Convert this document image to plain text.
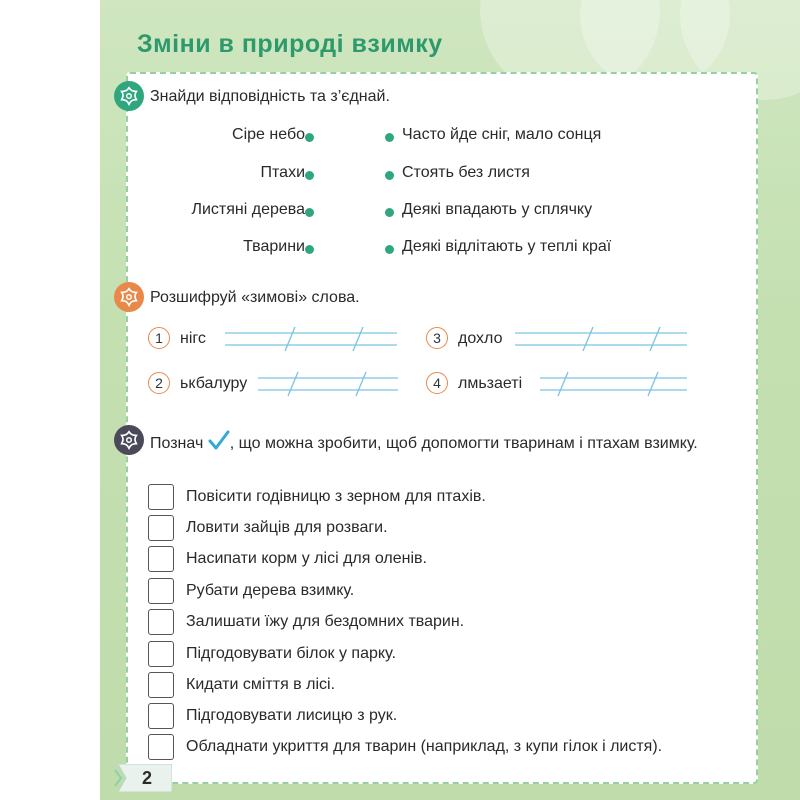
Зміни в природі взимку
Знайди відповідність та з’єднай.
Сіре небо	Часто йде сніг, мало сонця
Птахи	Стоять без листя
Листяні дерева	Деякі впадають у сплячку
Тварини	Деякі відлітають у теплі краї
Розшифруй «зимові» слова.
1	нігс	3	дохло
2	ькбалуру	4	лмьзаеті
Познач , що можна зробити, щоб допомогти тваринам і птахам взимку.
Повісити годівницю з зерном для птахів.
Ловити зайців для розваги.
Насипати корм у лісі для оленів.
Рубати дерева взимку.
Залишати їжу для бездомних тварин.
Підгодовувати білок у парку.
Кидати сміття в лісі.
Підгодовувати лисицю з рук.
Обладнати укриття для тварин (наприклад, з купи гілок і листя).
2
